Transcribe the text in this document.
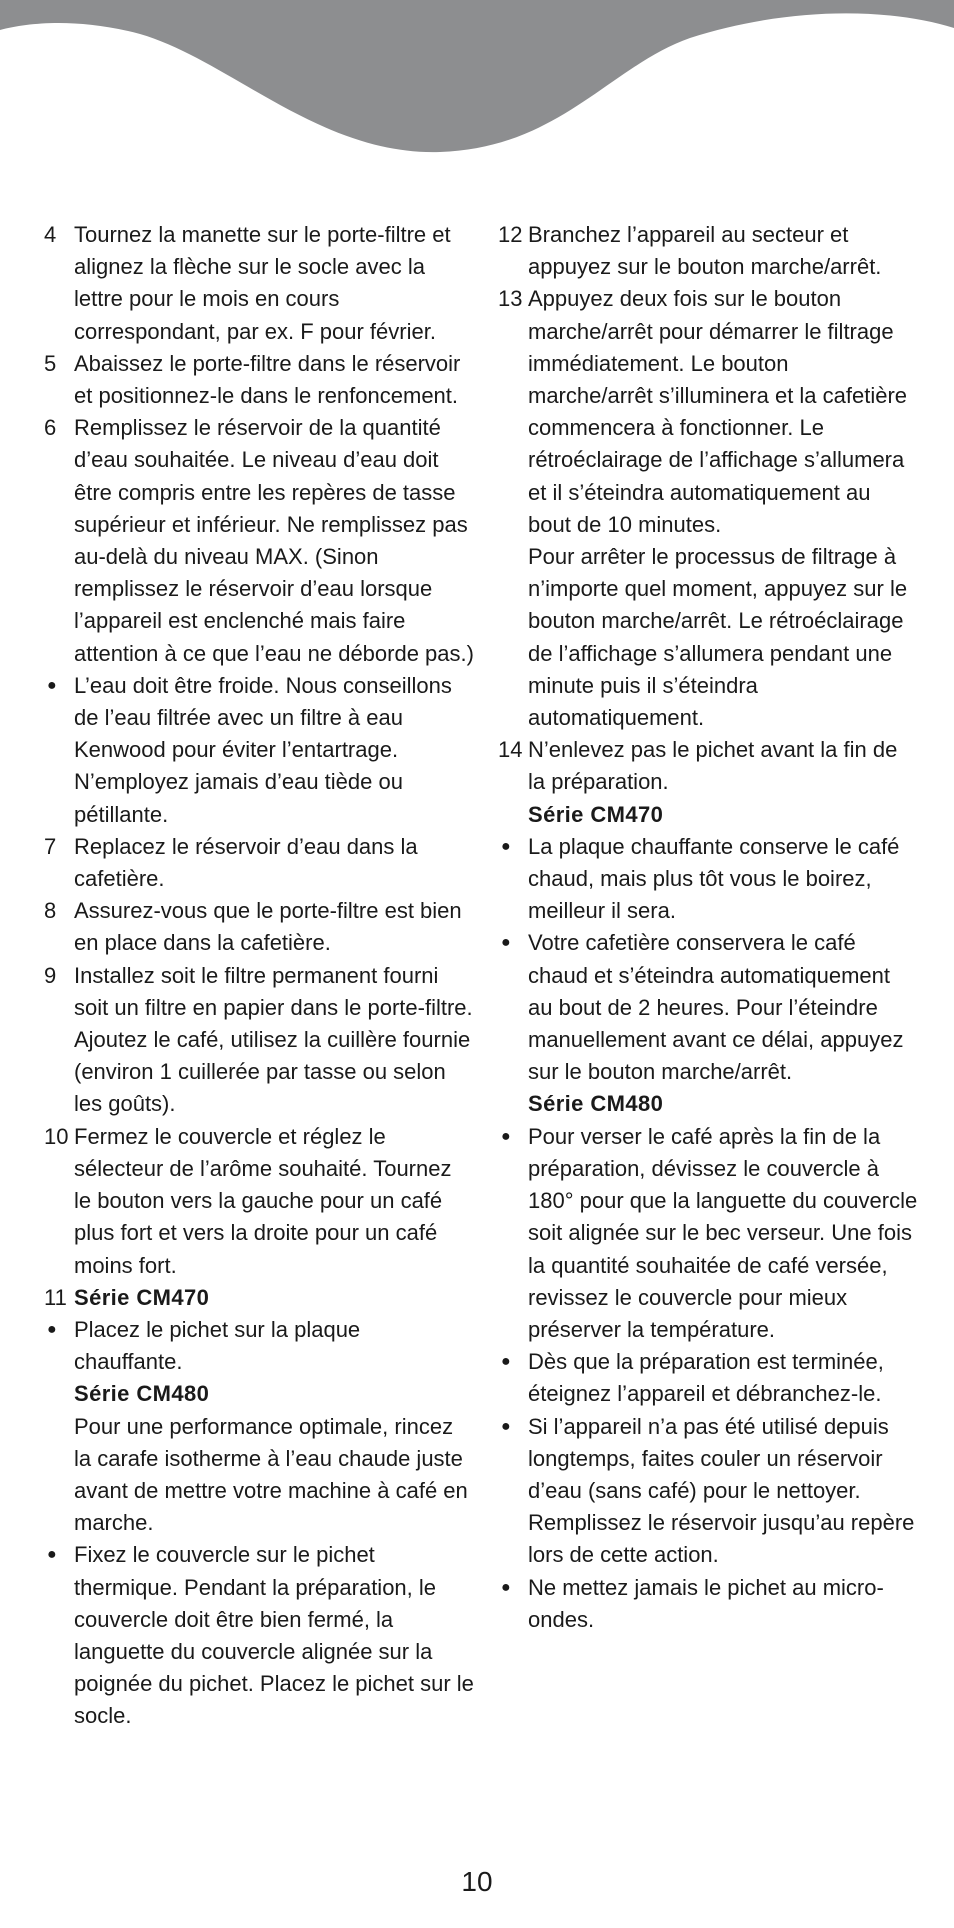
4 Tournez la manette sur le porte-filtre et alignez la flèche sur le socle avec la lettre pour le mois en cours correspondant, par ex. F pour février.
5 Abaissez le porte-filtre dans le réservoir et positionnez-le dans le renfoncement.
6 Remplissez le réservoir de la quantité d’eau souhaitée. Le niveau d’eau doit être compris entre les repères de tasse supérieur et inférieur. Ne remplissez pas au-delà du niveau MAX. (Sinon remplissez le réservoir d’eau lorsque l’appareil est enclenché mais faire attention à ce que l’eau ne déborde pas.)
● L’eau doit être froide. Nous conseillons de l’eau filtrée avec un filtre à eau Kenwood pour éviter l’entartrage. N’employez jamais d’eau tiède ou pétillante.
7 Replacez le réservoir d’eau dans la cafetière.
8 Assurez-vous que le porte-filtre est bien en place dans la cafetière.
9 Installez soit le filtre permanent fourni soit un filtre en papier dans le porte-filtre. Ajoutez le café, utilisez la cuillère fournie (environ 1 cuillerée par tasse ou selon les goûts).
10 Fermez le couvercle et réglez le sélecteur de l’arôme souhaité. Tournez le bouton vers la gauche pour un café plus fort et vers la droite pour un café moins fort.
11 Série CM470
● Placez le pichet sur la plaque chauffante.
Série CM480
Pour une performance optimale, rincez la carafe isotherme à l’eau chaude juste avant de mettre votre machine à café en marche.
● Fixez le couvercle sur le pichet thermique. Pendant la préparation, le couvercle doit être bien fermé, la languette du couvercle alignée sur la poignée du pichet. Placez le pichet sur le socle.
12 Branchez l’appareil au secteur et appuyez sur le bouton marche/arrêt.
13 Appuyez deux fois sur le bouton marche/arrêt pour démarrer le filtrage immédiatement. Le bouton marche/arrêt s’illuminera et la cafetière commencera à fonctionner. Le rétroéclairage de l’affichage s’allumera et il s’éteindra automatiquement au bout de 10 minutes.
Pour arrêter le processus de filtrage à n’importe quel moment, appuyez sur le bouton marche/arrêt. Le rétroéclairage de l’affichage s’allumera pendant une minute puis il s’éteindra automatiquement.
14 N’enlevez pas le pichet avant la fin de la préparation.
Série CM470
● La plaque chauffante conserve le café chaud, mais plus tôt vous le boirez, meilleur il sera.
● Votre cafetière conservera le café chaud et s’éteindra automatiquement au bout de 2 heures. Pour l’éteindre manuellement avant ce délai, appuyez sur le bouton marche/arrêt.
Série CM480
● Pour verser le café après la fin de la préparation, dévissez le couvercle à 180° pour que la languette du couvercle soit alignée sur le bec verseur. Une fois la quantité souhaitée de café versée, revissez le couvercle pour mieux préserver la température.
● Dès que la préparation est terminée, éteignez l’appareil et débranchez-le.
● Si l’appareil n’a pas été utilisé depuis longtemps, faites couler un réservoir d’eau (sans café) pour le nettoyer. Remplissez le réservoir jusqu’au repère lors de cette action.
● Ne mettez jamais le pichet au micro-ondes.
10
